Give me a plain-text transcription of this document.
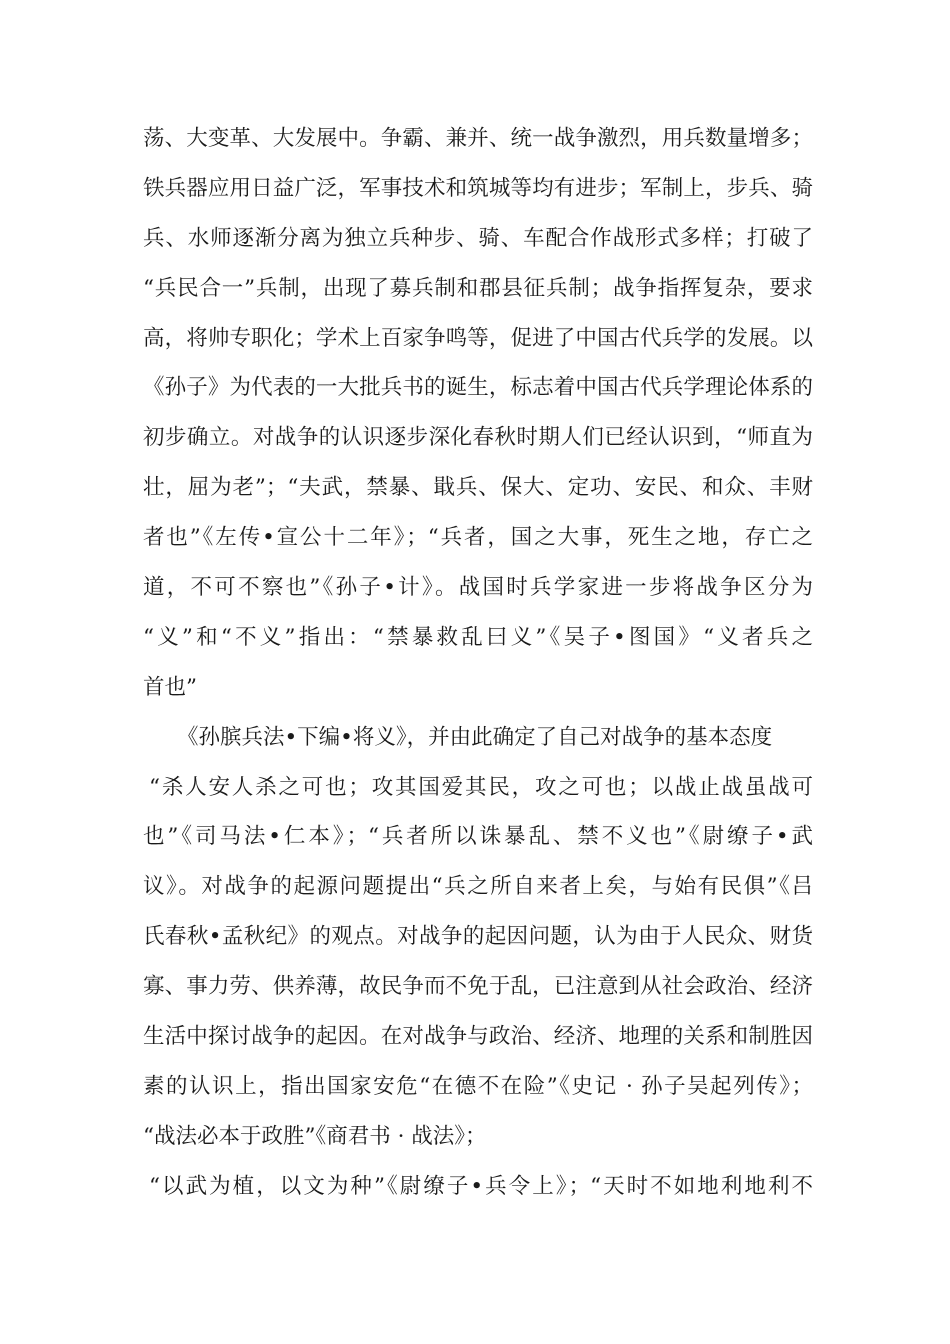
荡、大变革、大发展中。争霸、兼并、统一战争激烈，用兵数量增多；
铁兵器应用日益广泛，军事技术和筑城等均有进步；军制上，步兵、骑
兵、水师逐渐分离为独立兵种步、骑、车配合作战形式多样；打破了
“兵民合一”兵制，出现了募兵制和郡县征兵制；战争指挥复杂，要求
高，将帅专职化；学术上百家争鸣等，促进了中国古代兵学的发展。以
《孙子》为代表的一大批兵书的诞生，标志着中国古代兵学理论体系的
初步确立。对战争的认识逐步深化春秋时期人们已经认识到，“师直为
壮，屈为老”；“夫武，禁暴、戢兵、保大、定功、安民、和众、丰财
者也”《左传•宣公十二年》；“兵者，国之大事，死生之地，存亡之
道，不可不察也”《孙子•计》。战国时兵学家进一步将战争区分为
“义”和“不义”指出：“禁暴救乱曰义”《吴子•图国》“义者兵之
首也”
《孙膑兵法•下编•将义》，并由此确定了自己对战争的基本态度
“杀人安人杀之可也；攻其国爱其民，攻之可也；以战止战虽战可
也”《司马法•仁本》；“兵者所以诛暴乱、禁不义也”《尉缭子•武
议》。对战争的起源问题提出“兵之所自来者上矣，与始有民俱”《吕
氏春秋•孟秋纪》的观点。对战争的起因问题，认为由于人民众、财货
寡、事力劳、供养薄，故民争而不免于乱，已注意到从社会政治、经济
生活中探讨战争的起因。在对战争与政治、经济、地理的关系和制胜因
素的认识上，指出国家安危“在德不在险”《史记 · 孙子吴起列传》；
“战法必本于政胜”《商君书 · 战法》；
“以武为植，以文为种”《尉缭子•兵令上》；“天时不如地利地利不
